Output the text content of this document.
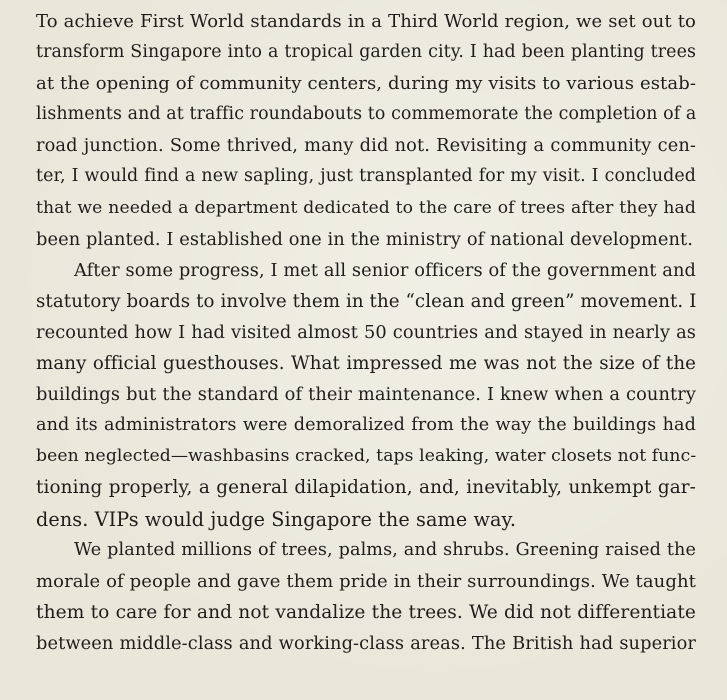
To achieve First World standards in a Third World region, we set out to
transform Singapore into a tropical garden city. I had been planting trees
at the opening of community centers, during my visits to various estab-
lishments and at traffic roundabouts to commemorate the completion of a
road junction. Some thrived, many did not. Revisiting a community cen-
ter, I would find a new sapling, just transplanted for my visit. I concluded
that we needed a department dedicated to the care of trees after they had
been planted. I established one in the ministry of national development.
After some progress, I met all senior officers of the government and
statutory boards to involve them in the “clean and green” movement. I
recounted how I had visited almost 50 countries and stayed in nearly as
many official guesthouses. What impressed me was not the size of the
buildings but the standard of their maintenance. I knew when a country
and its administrators were demoralized from the way the buildings had
been neglected—washbasins cracked, taps leaking, water closets not func-
tioning properly, a general dilapidation, and, inevitably, unkempt gar-
dens. VIPs would judge Singapore the same way.
We planted millions of trees, palms, and shrubs. Greening raised the
morale of people and gave them pride in their surroundings. We taught
them to care for and not vandalize the trees. We did not differentiate
between middle-class and working-class areas. The British had superior
